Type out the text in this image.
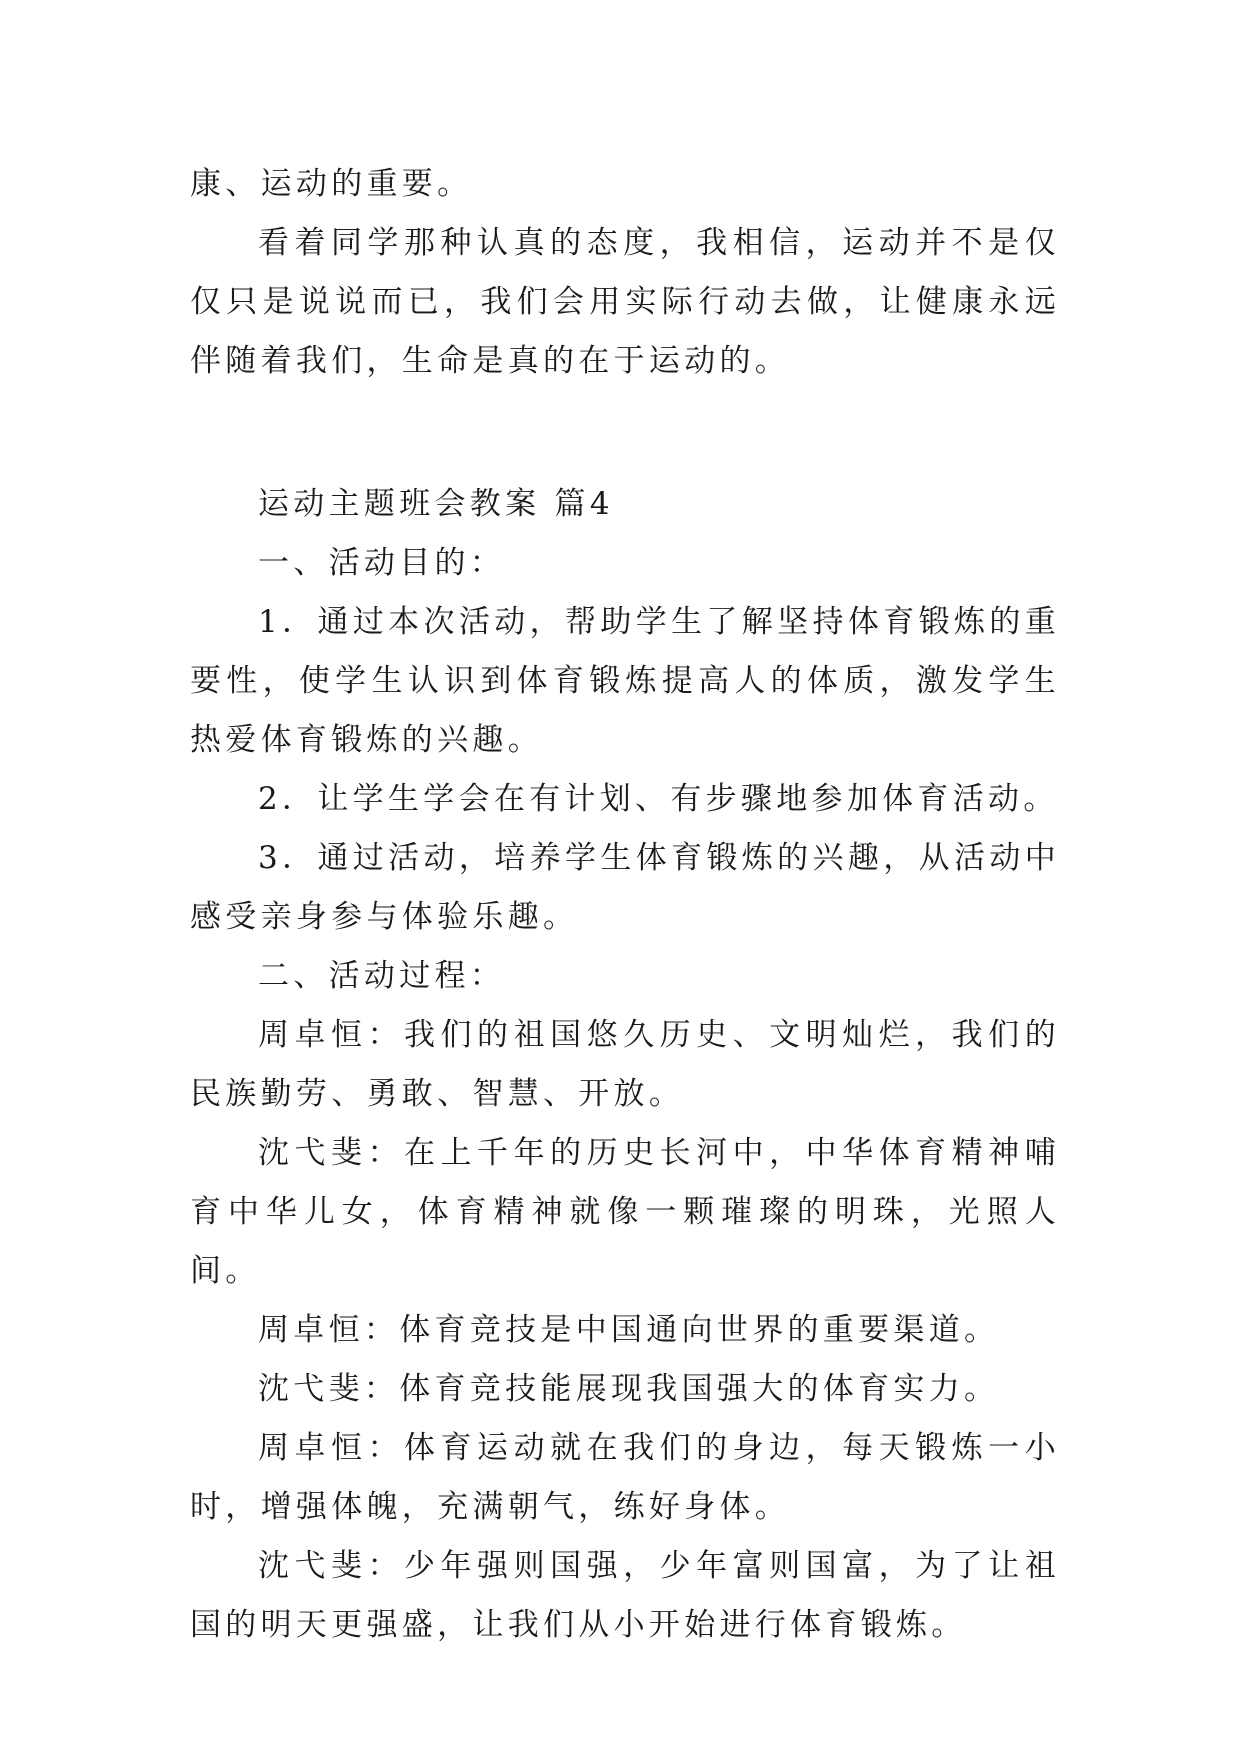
康、运动的重要。

看着同学那种认真的态度，我相信，运动并不是仅仅只是说说而已，我们会用实际行动去做，让健康永远伴随着我们，生命是真的在于运动的。

运动主题班会教案 篇4

一、活动目的：

1．通过本次活动，帮助学生了解坚持体育锻炼的重要性，使学生认识到体育锻炼提高人的体质，激发学生热爱体育锻炼的兴趣。

2．让学生学会在有计划、有步骤地参加体育活动。

3．通过活动，培养学生体育锻炼的兴趣，从活动中感受亲身参与体验乐趣。

二、活动过程：

周卓恒：我们的祖国悠久历史、文明灿烂，我们的民族勤劳、勇敢、智慧、开放。

沈弋斐：在上千年的历史长河中，中华体育精神哺育中华儿女，体育精神就像一颗璀璨的明珠，光照人间。

周卓恒：体育竞技是中国通向世界的重要渠道。

沈弋斐：体育竞技能展现我国强大的体育实力。

周卓恒：体育运动就在我们的身边，每天锻炼一小时，增强体魄，充满朝气，练好身体。

沈弋斐：少年强则国强，少年富则国富，为了让祖国的明天更强盛，让我们从小开始进行体育锻炼。
